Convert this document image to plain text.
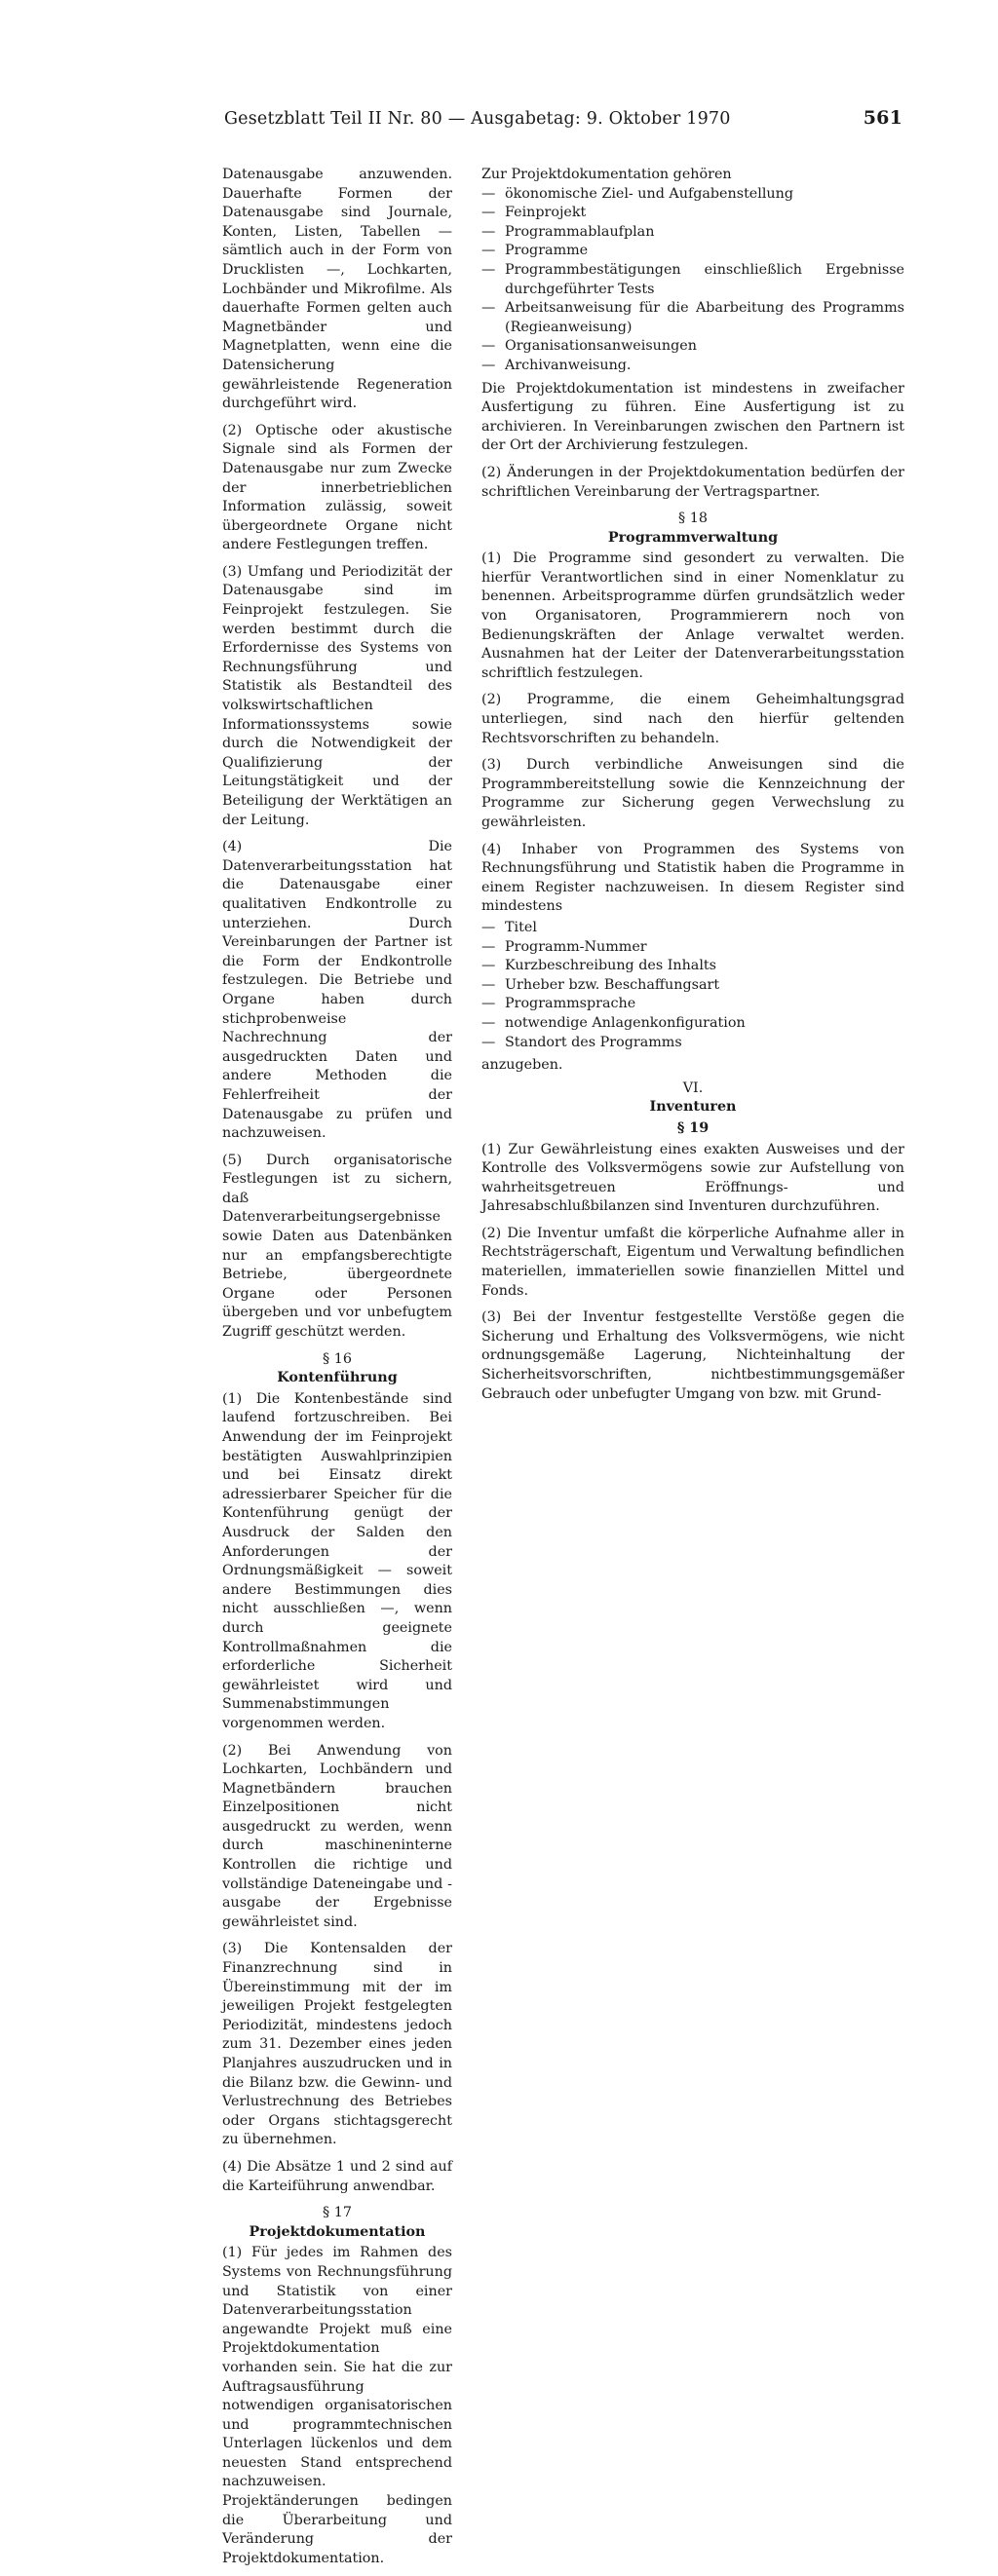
Gesetzblatt Teil II Nr. 80 — Ausgabetag: 9. Oktober 1970	561

Datenausgabe anzuwenden. Dauerhafte Formen der Datenausgabe sind Journale, Konten, Listen, Tabellen — sämtlich auch in der Form von Drucklisten —, Lochkarten, Lochbänder und Mikrofilme. Als dauerhafte Formen gelten auch Magnetbänder und Magnetplatten, wenn eine die Datensicherung gewährleistende Regeneration durchgeführt wird.

(2) Optische oder akustische Signale sind als Formen der Datenausgabe nur zum Zwecke der innerbetrieblichen Information zulässig, soweit übergeordnete Organe nicht andere Festlegungen treffen.

(3) Umfang und Periodizität der Datenausgabe sind im Feinprojekt festzulegen. Sie werden bestimmt durch die Erfordernisse des Systems von Rechnungsführung und Statistik als Bestandteil des volkswirtschaftlichen Informationssystems sowie durch die Notwendigkeit der Qualifizierung der Leitungstätigkeit und der Beteiligung der Werktätigen an der Leitung.

(4) Die Datenverarbeitungsstation hat die Datenausgabe einer qualitativen Endkontrolle zu unterziehen. Durch Vereinbarungen der Partner ist die Form der Endkontrolle festzulegen. Die Betriebe und Organe haben durch stichprobenweise Nachrechnung der ausgedruckten Daten und andere Methoden die Fehlerfreiheit der Datenausgabe zu prüfen und nachzuweisen.

(5) Durch organisatorische Festlegungen ist zu sichern, daß Datenverarbeitungsergebnisse sowie Daten aus Datenbänken nur an empfangsberechtigte Betriebe, übergeordnete Organe oder Personen übergeben und vor unbefugtem Zugriff geschützt werden.

§ 16
Kontenführung

(1) Die Kontenbestände sind laufend fortzuschreiben. Bei Anwendung der im Feinprojekt bestätigten Auswahlprinzipien und bei Einsatz direkt adressierbarer Speicher für die Kontenführung genügt der Ausdruck der Salden den Anforderungen der Ordnungsmäßigkeit — soweit andere Bestimmungen dies nicht ausschließen —, wenn durch geeignete Kontrollmaßnahmen die erforderliche Sicherheit gewährleistet wird und Summenabstimmungen vorgenommen werden.

(2) Bei Anwendung von Lochkarten, Lochbändern und Magnetbändern brauchen Einzelpositionen nicht ausgedruckt zu werden, wenn durch maschineninterne Kontrollen die richtige und vollständige Dateneingabe und -ausgabe der Ergebnisse gewährleistet sind.

(3) Die Kontensalden der Finanzrechnung sind in Übereinstimmung mit der im jeweiligen Projekt festgelegten Periodizität, mindestens jedoch zum 31. Dezember eines jeden Planjahres auszudrucken und in die Bilanz bzw. die Gewinn- und Verlustrechnung des Betriebes oder Organs stichtagsgerecht zu übernehmen.

(4) Die Absätze 1 und 2 sind auf die Karteiführung anwendbar.

§ 17
Projektdokumentation

(1) Für jedes im Rahmen des Systems von Rechnungsführung und Statistik von einer Datenverarbeitungsstation angewandte Projekt muß eine Projektdokumentation vorhanden sein. Sie hat die zur Auftragsausführung notwendigen organisatorischen und programmtechnischen Unterlagen lückenlos und dem neuesten Stand entsprechend nachzuweisen. Projektänderungen bedingen die Überarbeitung und Veränderung der Projektdokumentation.

Zur Projektdokumentation gehören
— ökonomische Ziel- und Aufgabenstellung
— Feinprojekt
— Programmablaufplan
— Programme
— Programmbestätigungen einschließlich Ergebnisse durchgeführter Tests
— Arbeitsanweisung für die Abarbeitung des Programms (Regieanweisung)
— Organisationsanweisungen
— Archivanweisung.

Die Projektdokumentation ist mindestens in zweifacher Ausfertigung zu führen. Eine Ausfertigung ist zu archivieren. In Vereinbarungen zwischen den Partnern ist der Ort der Archivierung festzulegen.

(2) Änderungen in der Projektdokumentation bedürfen der schriftlichen Vereinbarung der Vertragspartner.

§ 18
Programmverwaltung

(1) Die Programme sind gesondert zu verwalten. Die hierfür Verantwortlichen sind in einer Nomenklatur zu benennen. Arbeitsprogramme dürfen grundsätzlich weder von Organisatoren, Programmierern noch von Bedienungskräften der Anlage verwaltet werden. Ausnahmen hat der Leiter der Datenverarbeitungsstation schriftlich festzulegen.

(2) Programme, die einem Geheimhaltungsgrad unterliegen, sind nach den hierfür geltenden Rechtsvorschriften zu behandeln.

(3) Durch verbindliche Anweisungen sind die Programmbereitstellung sowie die Kennzeichnung der Programme zur Sicherung gegen Verwechslung zu gewährleisten.

(4) Inhaber von Programmen des Systems von Rechnungsführung und Statistik haben die Programme in einem Register nachzuweisen. In diesem Register sind mindestens

— Titel
— Programm-Nummer
— Kurzbeschreibung des Inhalts
— Urheber bzw. Beschaffungsart
— Programmsprache
— notwendige Anlagenkonfiguration
— Standort des Programms
anzugeben.
VI.
Inventuren
§ 19

(1) Zur Gewährleistung eines exakten Ausweises und der Kontrolle des Volksvermögens sowie zur Aufstellung von wahrheitsgetreuen Eröffnungs- und Jahresabschlußbilanzen sind Inventuren durchzuführen.

(2) Die Inventur umfaßt die körperliche Aufnahme aller in Rechtsträgerschaft, Eigentum und Verwaltung befindlichen materiellen, immateriellen sowie finanziellen Mittel und Fonds.

(3) Bei der Inventur festgestellte Verstöße gegen die Sicherung und Erhaltung des Volksvermögens, wie nicht ordnungsgemäße Lagerung, Nichteinhaltung der Sicherheitsvorschriften, nichtbestimmungsgemäßer Gebrauch oder unbefugter Umgang von bzw. mit Grund-
